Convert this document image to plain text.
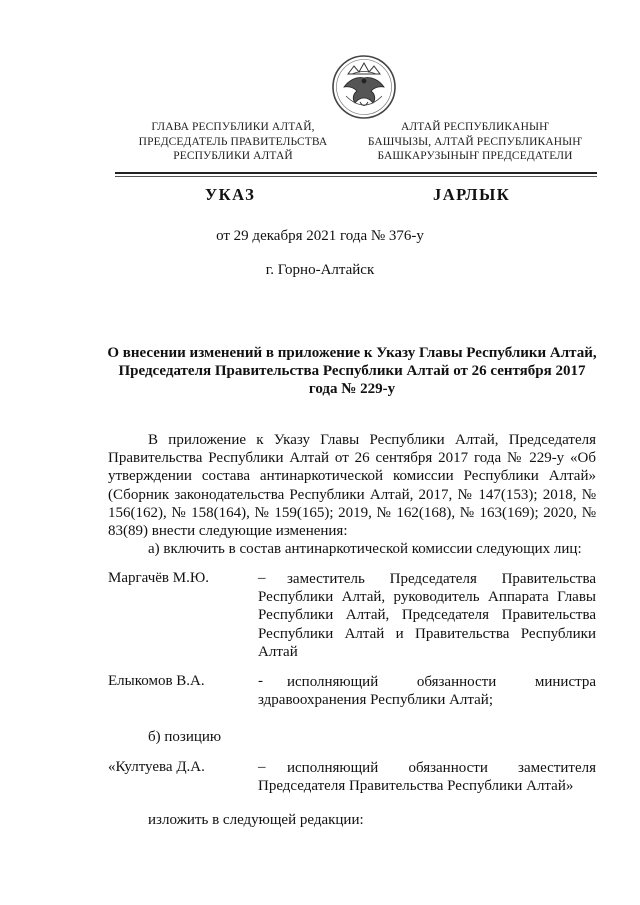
ГЛАВА РЕСПУБЛИКИ АЛТАЙ,
ПРЕДСЕДАТЕЛЬ ПРАВИТЕЛЬСТВА
РЕСПУБЛИКИ АЛТАЙ
АЛТАЙ РЕСПУБЛИКАНЫҤ
БАШЧЫЗЫ, АЛТАЙ РЕСПУБЛИКАНЫҤ
БАШКАРУЗЫНЫҤ ПРЕДСЕДАТЕЛИ
УКАЗ	ЈАРЛЫК
от 29 декабря 2021 года № 376-у
г. Горно-Алтайск
О внесении изменений в приложение к Указу Главы Республики Алтай, Председателя Правительства Республики Алтай от 26 сентября 2017 года № 229-у
В приложение к Указу Главы Республики Алтай, Председателя Правительства Республики Алтай от 26 сентября 2017 года № 229-у «Об утверждении состава антинаркотической комиссии Республики Алтай» (Сборник законодательства Республики Алтай, 2017, № 147(153); 2018, № 156(162), № 158(164), № 159(165); 2019, № 162(168), № 163(169); 2020, № 83(89) внести следующие изменения:
а) включить в состав антинаркотической комиссии следующих лиц:
Маргачёв М.Ю.	–	заместитель Председателя Правительства Республики Алтай, руководитель Аппарата Главы Республики Алтай, Председателя Правительства Республики Алтай и Правительства Республики Алтай
Елыкомов В.А.	-	исполняющий обязанности министра здравоохранения Республики Алтай;
б) позицию
«Култуева Д.А.	–	исполняющий обязанности заместителя Председателя Правительства Республики Алтай»
изложить в следующей редакции:
